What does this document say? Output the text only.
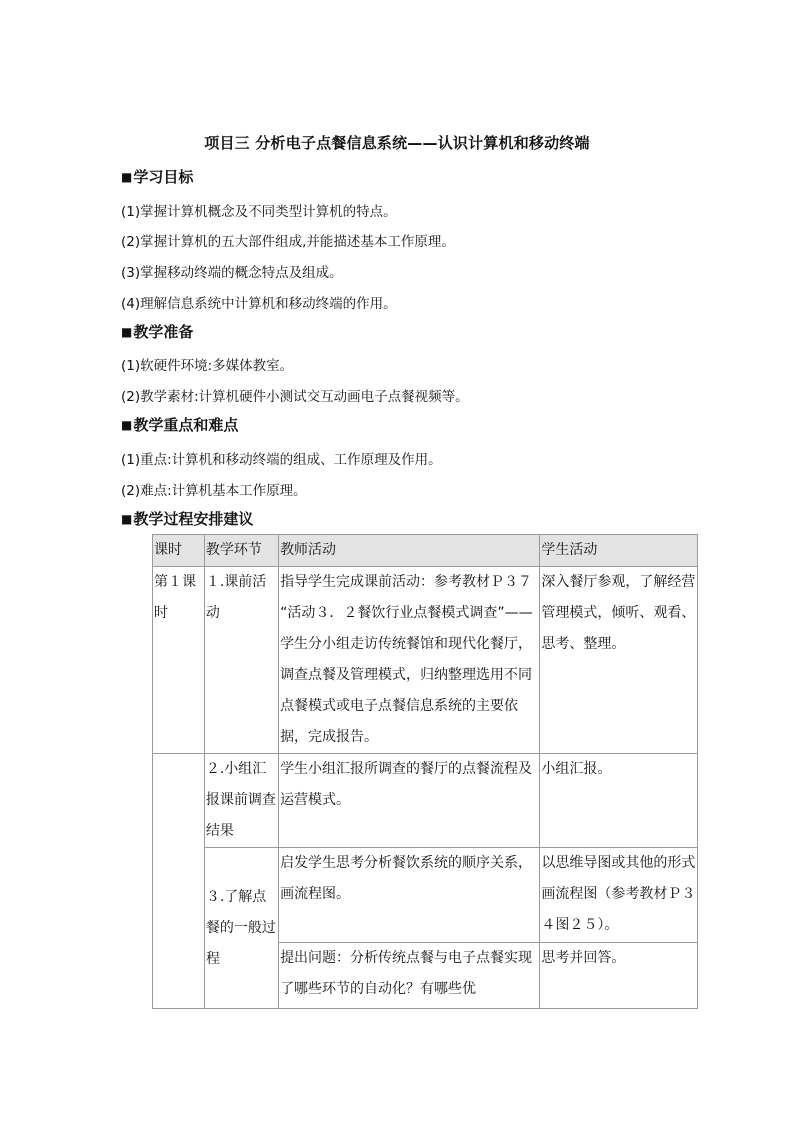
项目三 分析电子点餐信息系统——认识计算机和移动终端
■学习目标
(1)掌握计算机概念及不同类型计算机的特点。
(2)掌握计算机的五大部件组成,并能描述基本工作原理。
(3)掌握移动终端的概念特点及组成。
(4)理解信息系统中计算机和移动终端的作用。
■教学准备
(1)软硬件环境:多媒体教室。
(2)教学素材:计算机硬件小测试交互动画电子点餐视频等。
■教学重点和难点
(1)重点:计算机和移动终端的组成、工作原理及作用。
(2)难点:计算机基本工作原理。
■教学过程安排建议
课时	教学环节	教师活动	学生活动
第１课时	１.课前活动	指导学生完成课前活动：参考教材Ｐ３７ “活动３．２餐饮行业点餐模式调查”——学生分小组走访传统餐馆和现代化餐厅，调查点餐及管理模式，归纳整理选用不同点餐模式或电子点餐信息系统的主要依据，完成报告。	深入餐厅参观，了解经营管理模式，倾听、观看、思考、整理。
	２.小组汇报课前调查结果	学生小组汇报所调查的餐厅的点餐流程及运营模式。	小组汇报。
	３.了解点餐的一般过程	启发学生思考分析餐饮系统的顺序关系，画流程图。	以思维导图或其他的形式画流程图（参考教材Ｐ３４图２５）。
		提出问题：分析传统点餐与电子点餐实现了哪些环节的自动化？有哪些优	思考并回答。
